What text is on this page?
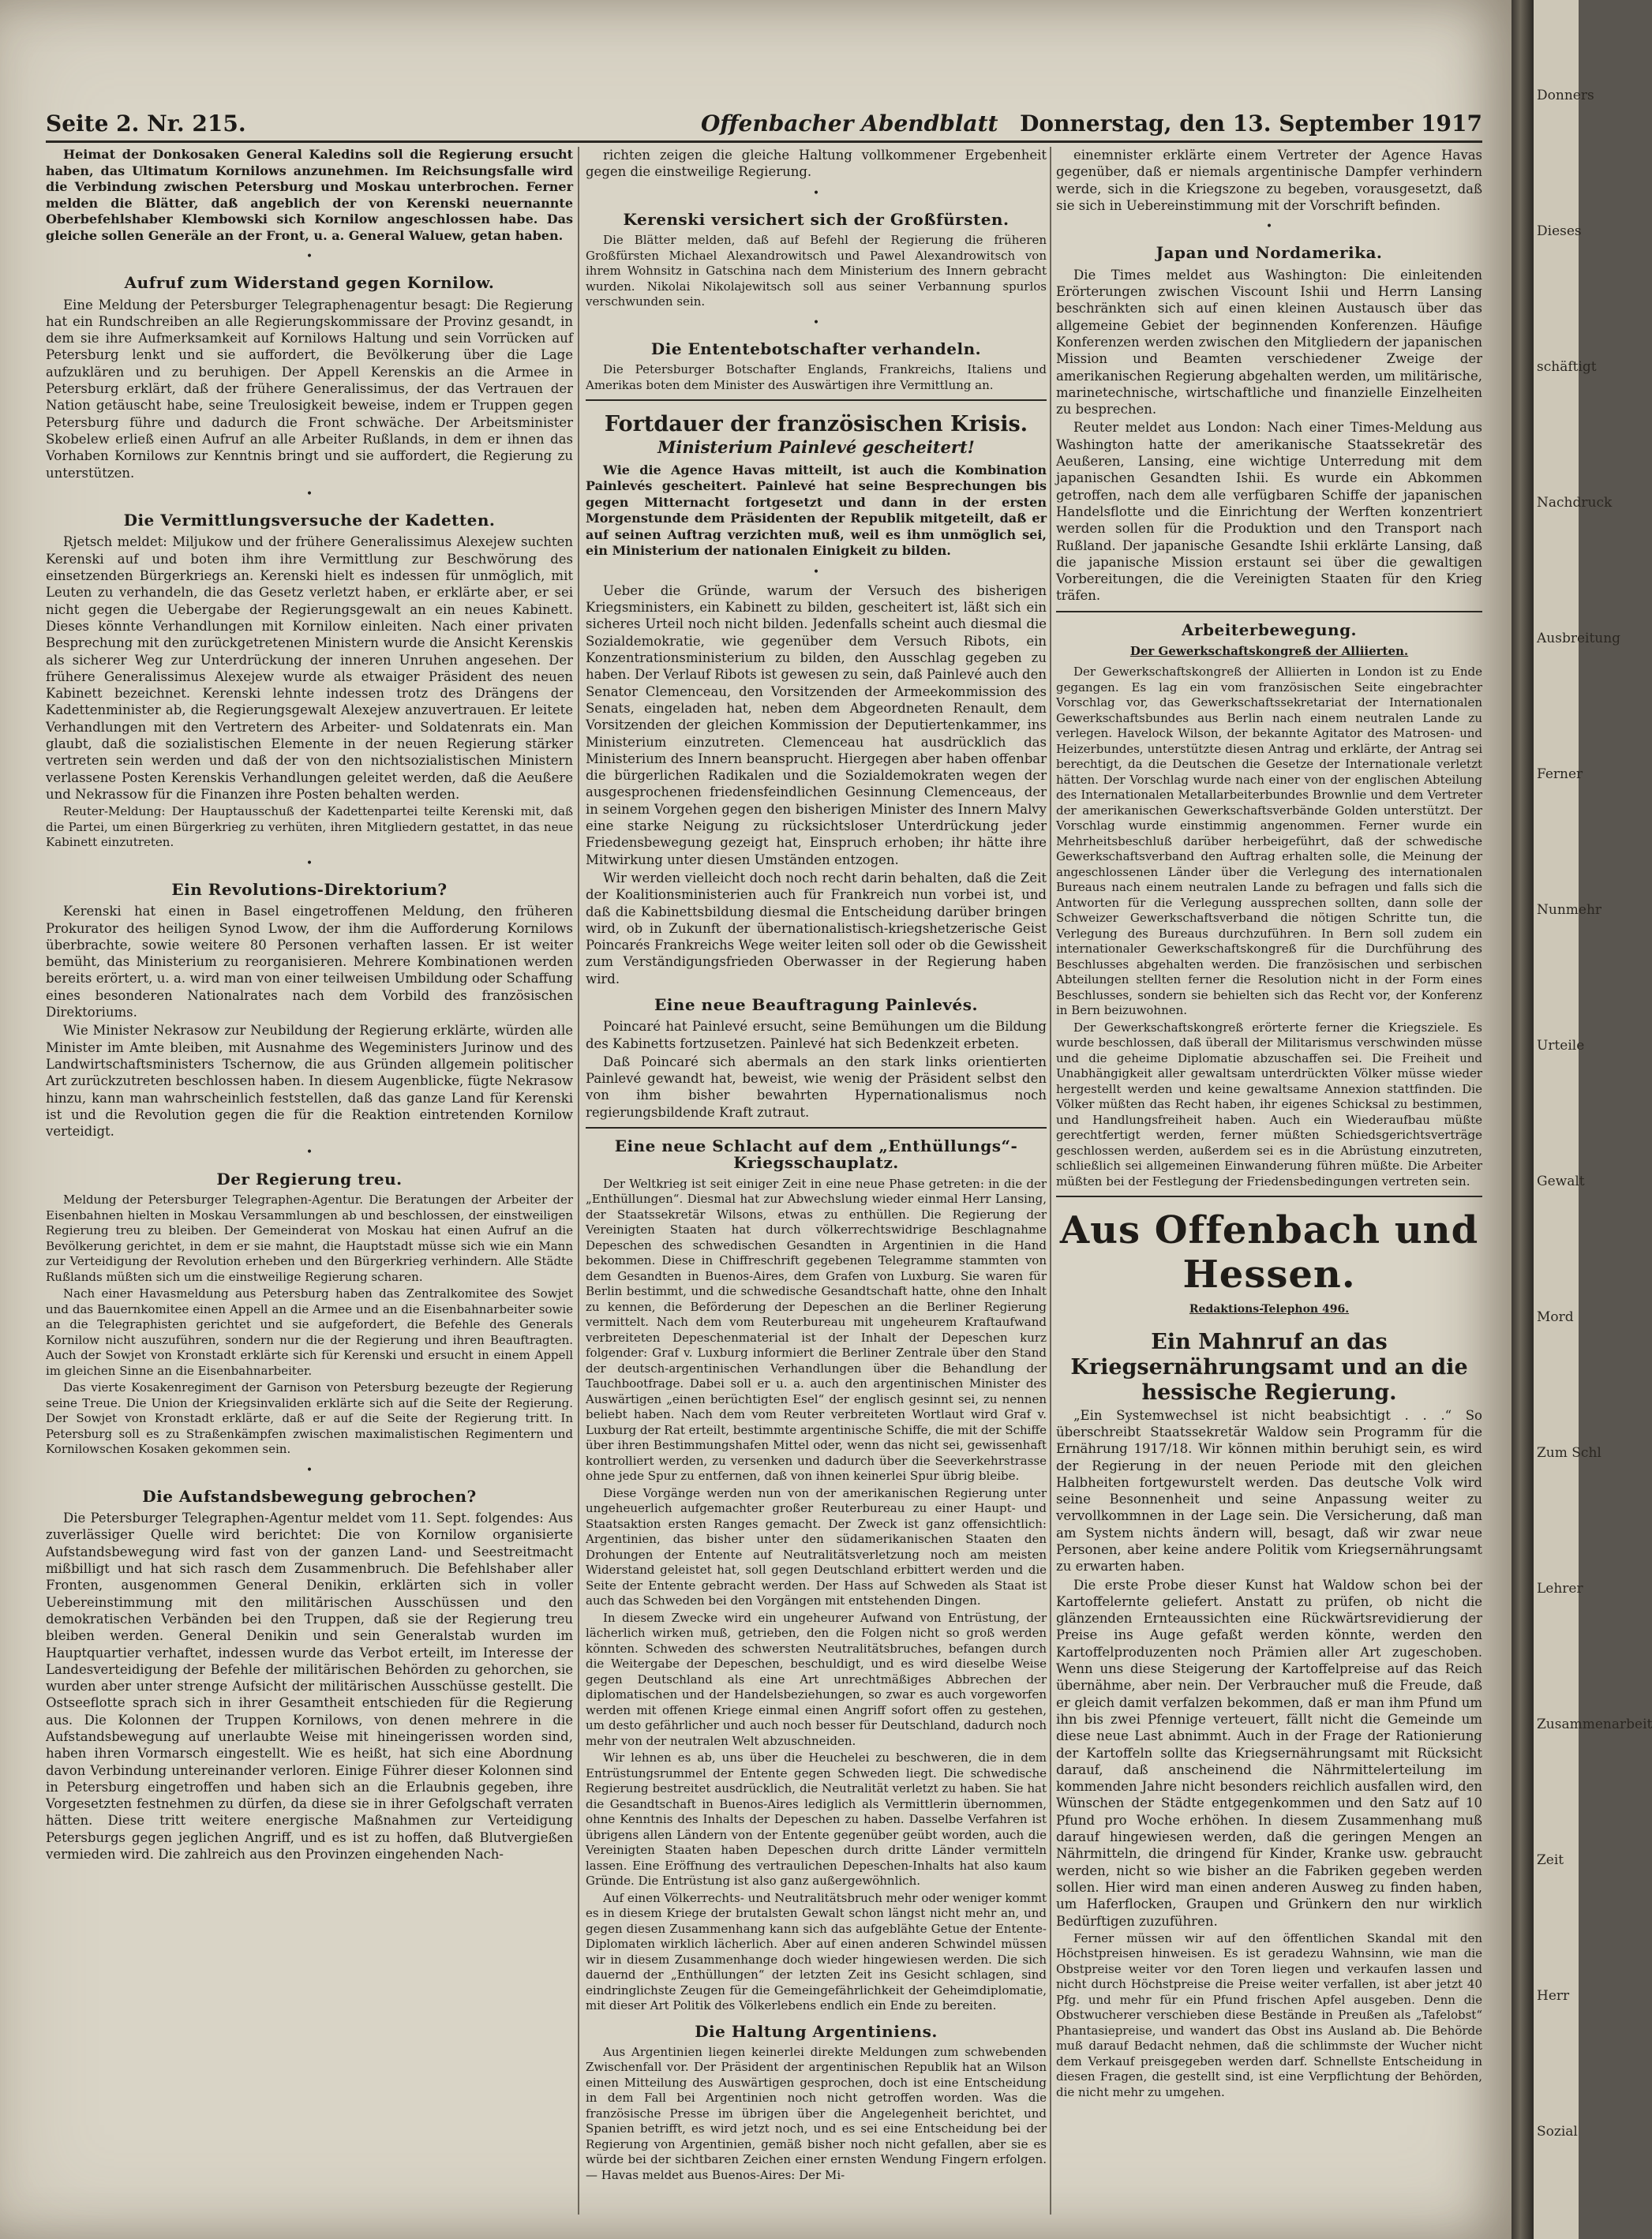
Seite 2. Nr. 215.	Offenbacher Abendblatt Donnerstag, den 13. September 1917

Heimat der Donkosaken General Kaledins soll die Regierung ersucht haben, das Ultimatum Kornilows anzunehmen. Im Reichsungsfalle wird die Verbindung zwischen Petersburg und Moskau unterbrochen. Ferner melden die Blätter, daß angeblich der von Kerenski neuernannte Oberbefehlshaber Klembowski sich Kornilow angeschlossen habe. Das gleiche sollen Generäle an der Front, u. a. General Waluew, getan haben.

•
Aufruf zum Widerstand gegen Kornilow.

Eine Meldung der Petersburger Telegraphenagentur besagt: Die Regierung hat ein Rundschreiben an alle Regierungskommissare der Provinz gesandt, in dem sie ihre Aufmerksamkeit auf Kornilows Haltung und sein Vorrücken auf Petersburg lenkt und sie auffordert, die Bevölkerung über die Lage aufzuklären und zu beruhigen. Der Appell Kerenskis an die Armee in Petersburg erklärt, daß der frühere Generalissimus, der das Vertrauen der Nation getäuscht habe, seine Treulosigkeit beweise, indem er Truppen gegen Petersburg führe und dadurch die Front schwäche. Der Arbeitsminister Skobelew erließ einen Aufruf an alle Arbeiter Rußlands, in dem er ihnen das Vorhaben Kornilows zur Kenntnis bringt und sie auffordert, die Regierung zu unterstützen.

•
Die Vermittlungsversuche der Kadetten.

Rjetsch meldet: Miljukow und der frühere Generalissimus Alexejew suchten Kerenski auf und boten ihm ihre Vermittlung zur Beschwörung des einsetzenden Bürgerkriegs an. Kerenski hielt es indessen für unmöglich, mit Leuten zu verhandeln, die das Gesetz verletzt haben, er erklärte aber, er sei nicht gegen die Uebergabe der Regierungsgewalt an ein neues Kabinett. Dieses könnte Verhandlungen mit Kornilow einleiten. Nach einer privaten Besprechung mit den zurückgetretenen Ministern wurde die Ansicht Kerenskis als sicherer Weg zur Unterdrückung der inneren Unruhen angesehen. Der frühere Generalissimus Alexejew wurde als etwaiger Präsident des neuen Kabinett bezeichnet. Kerenski lehnte indessen trotz des Drängens der Kadettenminister ab, die Regierungsgewalt Alexejew anzuvertrauen. Er leitete Verhandlungen mit den Vertretern des Arbeiter- und Soldatenrats ein. Man glaubt, daß die sozialistischen Elemente in der neuen Regierung stärker vertreten sein werden und daß der von den nichtsozialistischen Ministern verlassene Posten Kerenskis Verhandlungen geleitet werden, daß die Aeußere und Nekrassow für die Finanzen ihre Posten behalten werden.

Reuter-Meldung: Der Hauptausschuß der Kadettenpartei teilte Kerenski mit, daß die Partei, um einen Bürgerkrieg zu verhüten, ihren Mitgliedern gestattet, in das neue Kabinett einzutreten.

•
Ein Revolutions-Direktorium?

Kerenski hat einen in Basel eingetroffenen Meldung, den früheren Prokurator des heiligen Synod Lwow, der ihm die Aufforderung Kornilows überbrachte, sowie weitere 80 Personen verhaften lassen. Er ist weiter bemüht, das Ministerium zu reorganisieren. Mehrere Kombinationen werden bereits erörtert, u. a. wird man von einer teilweisen Umbildung oder Schaffung eines besonderen Nationalrates nach dem Vorbild des französischen Direktoriums.

Wie Minister Nekrasow zur Neubildung der Regierung erklärte, würden alle Minister im Amte bleiben, mit Ausnahme des Wegeministers Jurinow und des Landwirtschaftsministers Tschernow, die aus Gründen allgemein politischer Art zurückzutreten beschlossen haben. In diesem Augenblicke, fügte Nekrasow hinzu, kann man wahrscheinlich feststellen, daß das ganze Land für Kerenski ist und die Revolution gegen die für die Reaktion eintretenden Kornilow verteidigt.

•
Der Regierung treu.

Meldung der Petersburger Telegraphen-Agentur. Die Beratungen der Arbeiter der Eisenbahnen hielten in Moskau Versammlungen ab und beschlossen, der einstweiligen Regierung treu zu bleiben. Der Gemeinderat von Moskau hat einen Aufruf an die Bevölkerung gerichtet, in dem er sie mahnt, die Hauptstadt müsse sich wie ein Mann zur Verteidigung der Revolution erheben und den Bürgerkrieg verhindern. Alle Städte Rußlands müßten sich um die einstweilige Regierung scharen.

Nach einer Havasmeldung aus Petersburg haben das Zentralkomitee des Sowjet und das Bauernkomitee einen Appell an die Armee und an die Eisenbahnarbeiter sowie an die Telegraphisten gerichtet und sie aufgefordert, die Befehle des Generals Kornilow nicht auszuführen, sondern nur die der Regierung und ihren Beauftragten. Auch der Sowjet von Kronstadt erklärte sich für Kerenski und ersucht in einem Appell im gleichen Sinne an die Eisenbahnarbeiter.

Das vierte Kosakenregiment der Garnison von Petersburg bezeugte der Regierung seine Treue. Die Union der Kriegsinvaliden erklärte sich auf die Seite der Regierung. Der Sowjet von Kronstadt erklärte, daß er auf die Seite der Regierung tritt. In Petersburg soll es zu Straßenkämpfen zwischen maximalistischen Regimentern und Kornilowschen Kosaken gekommen sein.

•
Die Aufstandsbewegung gebrochen?

Die Petersburger Telegraphen-Agentur meldet vom 11. Sept. folgendes: Aus zuverlässiger Quelle wird berichtet: Die von Kornilow organisierte Aufstandsbewegung wird fast von der ganzen Land- und Seestreitmacht mißbilligt und hat sich rasch dem Zusammenbruch. Die Befehlshaber aller Fronten, ausgenommen General Denikin, erklärten sich in voller Uebereinstimmung mit den militärischen Ausschüssen und den demokratischen Verbänden bei den Truppen, daß sie der Regierung treu bleiben werden. General Denikin und sein Generalstab wurden im Hauptquartier verhaftet, indessen wurde das Verbot erteilt, im Interesse der Landesverteidigung der Befehle der militärischen Behörden zu gehorchen, sie wurden aber unter strenge Aufsicht der militärischen Ausschüsse gestellt. Die Ostseeflotte sprach sich in ihrer Gesamtheit entschieden für die Regierung aus. Die Kolonnen der Truppen Kornilows, von denen mehrere in die Aufstandsbewegung auf unerlaubte Weise mit hineingerissen worden sind, haben ihren Vormarsch eingestellt. Wie es heißt, hat sich eine Abordnung davon Verbindung untereinander verloren. Einige Führer dieser Kolonnen sind in Petersburg eingetroffen und haben sich an die Erlaubnis gegeben, ihre Vorgesetzten festnehmen zu dürfen, da diese sie in ihrer Gefolgschaft verraten hätten. Diese tritt weitere energische Maßnahmen zur Verteidigung Petersburgs gegen jeglichen Angriff, und es ist zu hoffen, daß Blutvergießen vermieden wird. Die zahlreich aus den Provinzen eingehenden Nach-

richten zeigen die gleiche Haltung vollkommener Ergebenheit gegen die einstweilige Regierung.

•
Kerenski versichert sich der Großfürsten.

Die Blätter melden, daß auf Befehl der Regierung die früheren Großfürsten Michael Alexandrowitsch und Pawel Alexandrowitsch von ihrem Wohnsitz in Gatschina nach dem Ministerium des Innern gebracht wurden. Nikolai Nikolajewitsch soll aus seiner Verbannung spurlos verschwunden sein.

•
Die Ententebotschafter verhandeln.

Die Petersburger Botschafter Englands, Frankreichs, Italiens und Amerikas boten dem Minister des Auswärtigen ihre Vermittlung an.

Fortdauer der französischen Krisis.
Ministerium Painlevé gescheitert!

Wie die Agence Havas mitteilt, ist auch die Kombination Painlevés gescheitert. Painlevé hat seine Besprechungen bis gegen Mitternacht fortgesetzt und dann in der ersten Morgenstunde dem Präsidenten der Republik mitgeteilt, daß er auf seinen Auftrag verzichten muß, weil es ihm unmöglich sei, ein Ministerium der nationalen Einigkeit zu bilden.

•

Ueber die Gründe, warum der Versuch des bisherigen Kriegsministers, ein Kabinett zu bilden, gescheitert ist, läßt sich ein sicheres Urteil noch nicht bilden. Jedenfalls scheint auch diesmal die Sozialdemokratie, wie gegenüber dem Versuch Ribots, ein Konzentrationsministerium zu bilden, den Ausschlag gegeben zu haben. Der Verlauf Ribots ist gewesen zu sein, daß Painlevé auch den Senator Clemenceau, den Vorsitzenden der Armeekommission des Senats, eingeladen hat, neben dem Abgeordneten Renault, dem Vorsitzenden der gleichen Kommission der Deputiertenkammer, ins Ministerium einzutreten. Clemenceau hat ausdrücklich das Ministerium des Innern beansprucht. Hiergegen aber haben offenbar die bürgerlichen Radikalen und die Sozialdemokraten wegen der ausgesprochenen friedensfeindlichen Gesinnung Clemenceaus, der in seinem Vorgehen gegen den bisherigen Minister des Innern Malvy eine starke Neigung zu rücksichtsloser Unterdrückung jeder Friedensbewegung gezeigt hat, Einspruch erhoben; ihr hätte ihre Mitwirkung unter diesen Umständen entzogen.

Wir werden vielleicht doch noch recht darin behalten, daß die Zeit der Koalitionsministerien auch für Frankreich nun vorbei ist, und daß die Kabinettsbildung diesmal die Entscheidung darüber bringen wird, ob in Zukunft der übernationalistisch-kriegshetzerische Geist Poincarés Frankreichs Wege weiter leiten soll oder ob die Gewissheit zum Verständigungsfrieden Oberwasser in der Regierung haben wird.

Eine neue Beauftragung Painlevés.

Poincaré hat Painlevé ersucht, seine Bemühungen um die Bildung des Kabinetts fortzusetzen. Painlevé hat sich Bedenkzeit erbeten.

Daß Poincaré sich abermals an den stark links orientierten Painlevé gewandt hat, beweist, wie wenig der Präsident selbst den von ihm bisher bewahrten Hypernationalismus noch regierungsbildende Kraft zutraut.

Eine neue Schlacht auf dem „Enthüllungs“-Kriegsschauplatz.

Der Weltkrieg ist seit einiger Zeit in eine neue Phase getreten: in die der „Enthüllungen“. Diesmal hat zur Abwechslung wieder einmal Herr Lansing, der Staatssekretär Wilsons, etwas zu enthüllen. Die Regierung der Vereinigten Staaten hat durch völkerrechtswidrige Beschlagnahme Depeschen des schwedischen Gesandten in Argentinien in die Hand bekommen. Diese in Chiffreschrift gegebenen Telegramme stammten von dem Gesandten in Buenos-Aires, dem Grafen von Luxburg. Sie waren für Berlin bestimmt, und die schwedische Gesandtschaft hatte, ohne den Inhalt zu kennen, die Beförderung der Depeschen an die Berliner Regierung vermittelt. Nach dem vom Reuterbureau mit ungeheurem Kraftaufwand verbreiteten Depeschenmaterial ist der Inhalt der Depeschen kurz folgender: Graf v. Luxburg informiert die Berliner Zentrale über den Stand der deutsch-argentinischen Verhandlungen über die Behandlung der Tauchbootfrage. Dabei soll er u. a. auch den argentinischen Minister des Auswärtigen „einen berüchtigten Esel“ der englisch gesinnt sei, zu nennen beliebt haben. Nach dem vom Reuter verbreiteten Wortlaut wird Graf v. Luxburg der Rat erteilt, bestimmte argentinische Schiffe, die mit der Schiffe über ihren Bestimmungshafen Mittel oder, wenn das nicht sei, gewissenhaft kontrolliert werden, zu versenken und dadurch über die Seeverkehrstrasse ohne jede Spur zu entfernen, daß von ihnen keinerlei Spur übrig bleibe.

Diese Vorgänge werden nun von der amerikanischen Regierung unter ungeheuerlich aufgemachter großer Reuterbureau zu einer Haupt- und Staatsaktion ersten Ranges gemacht. Der Zweck ist ganz offensichtlich: Argentinien, das bisher unter den südamerikanischen Staaten den Drohungen der Entente auf Neutralitätsverletzung noch am meisten Widerstand geleistet hat, soll gegen Deutschland erbittert werden und die Seite der Entente gebracht werden. Der Hass auf Schweden als Staat ist auch das Schweden bei den Vorgängen mit entstehenden Dingen.

In diesem Zwecke wird ein ungeheurer Aufwand von Entrüstung, der lächerlich wirken muß, getrieben, den die Folgen nicht so groß werden könnten. Schweden des schwersten Neutralitätsbruches, befangen durch die Weitergabe der Depeschen, beschuldigt, und es wird dieselbe Weise gegen Deutschland als eine Art unrechtmäßiges Abbrechen der diplomatischen und der Handelsbeziehungen, so zwar es auch vorgeworfen werden mit offenen Kriege einmal einen Angriff sofort offen zu gestehen, um desto gefährlicher und auch noch besser für Deutschland, dadurch noch mehr von der neutralen Welt abzuschneiden.

Wir lehnen es ab, uns über die Heuchelei zu beschweren, die in dem Entrüstungsrummel der Entente gegen Schweden liegt. Die schwedische Regierung bestreitet ausdrücklich, die Neutralität verletzt zu haben. Sie hat die Gesandtschaft in Buenos-Aires lediglich als Vermittlerin übernommen, ohne Kenntnis des Inhalts der Depeschen zu haben. Dasselbe Verfahren ist übrigens allen Ländern von der Entente gegenüber geübt worden, auch die Vereinigten Staaten haben Depeschen durch dritte Länder vermitteln lassen. Eine Eröffnung des vertraulichen Depeschen-Inhalts hat also kaum Gründe. Die Entrüstung ist also ganz außergewöhnlich.

Auf einen Völkerrechts- und Neutralitätsbruch mehr oder weniger kommt es in diesem Kriege der brutalsten Gewalt schon längst nicht mehr an, und gegen diesen Zusammenhang kann sich das aufgeblähte Getue der Entente-Diplomaten wirklich lächerlich. Aber auf einen anderen Schwindel müssen wir in diesem Zusammenhange doch wieder hingewiesen werden. Die sich dauernd der „Enthüllungen“ der letzten Zeit ins Gesicht schlagen, sind eindringlichste Zeugen für die Gemeingefährlichkeit der Geheimdiplomatie, mit dieser Art Politik des Völkerlebens endlich ein Ende zu bereiten.

Die Haltung Argentiniens.

Aus Argentinien liegen keinerlei direkte Meldungen zum schwebenden Zwischenfall vor. Der Präsident der argentinischen Republik hat an Wilson einen Mitteilung des Auswärtigen gesprochen, doch ist eine Entscheidung in dem Fall bei Argentinien noch nicht getroffen worden. Was die französische Presse im übrigen über die Angelegenheit berichtet, und Spanien betrifft, es wird jetzt noch, und es sei eine Entscheidung bei der Regierung von Argentinien, gemäß bisher noch nicht gefallen, aber sie es würde bei der sichtbaren Zeichen einer ernsten Wendung Fingern erfolgen. — Havas meldet aus Buenos-Aires: Der Mi-

einemnister erklärte einem Vertreter der Agence Havas gegenüber, daß er niemals argentinische Dampfer verhindern werde, sich in die Kriegszone zu begeben, vorausgesetzt, daß sie sich in Uebereinstimmung mit der Vorschrift befinden.

•
Japan und Nordamerika.

Die Times meldet aus Washington: Die einleitenden Erörterungen zwischen Viscount Ishii und Herrn Lansing beschränkten sich auf einen kleinen Austausch über das allgemeine Gebiet der beginnenden Konferenzen. Häufige Konferenzen werden zwischen den Mitgliedern der japanischen Mission und Beamten verschiedener Zweige der amerikanischen Regierung abgehalten werden, um militärische, marinetechnische, wirtschaftliche und finanzielle Einzelheiten zu besprechen.

Reuter meldet aus London: Nach einer Times-Meldung aus Washington hatte der amerikanische Staatssekretär des Aeußeren, Lansing, eine wichtige Unterredung mit dem japanischen Gesandten Ishii. Es wurde ein Abkommen getroffen, nach dem alle verfügbaren Schiffe der japanischen Handelsflotte und die Einrichtung der Werften konzentriert werden sollen für die Produktion und den Transport nach Rußland. Der japanische Gesandte Ishii erklärte Lansing, daß die japanische Mission erstaunt sei über die gewaltigen Vorbereitungen, die die Vereinigten Staaten für den Krieg träfen.

Arbeiterbewegung.
Der Gewerkschaftskongreß der Alliierten.

Der Gewerkschaftskongreß der Alliierten in London ist zu Ende gegangen. Es lag ein vom französischen Seite eingebrachter Vorschlag vor, das Gewerkschaftssekretariat der Internationalen Gewerkschaftsbundes aus Berlin nach einem neutralen Lande zu verlegen. Havelock Wilson, der bekannte Agitator des Matrosen- und Heizerbundes, unterstützte diesen Antrag und erklärte, der Antrag sei berechtigt, da die Deutschen die Gesetze der Internationale verletzt hätten. Der Vorschlag wurde nach einer von der englischen Abteilung des Internationalen Metallarbeiterbundes Brownlie und dem Vertreter der amerikanischen Gewerkschaftsverbände Golden unterstützt. Der Vorschlag wurde einstimmig angenommen. Ferner wurde ein Mehrheitsbeschluß darüber herbeigeführt, daß der schwedische Gewerkschaftsverband den Auftrag erhalten solle, die Meinung der angeschlossenen Länder über die Verlegung des internationalen Bureaus nach einem neutralen Lande zu befragen und falls sich die Antworten für die Verlegung aussprechen sollten, dann solle der Schweizer Gewerkschaftsverband die nötigen Schritte tun, die Verlegung des Bureaus durchzuführen. In Bern soll zudem ein internationaler Gewerkschaftskongreß für die Durchführung des Beschlusses abgehalten werden. Die französischen und serbischen Abteilungen stellten ferner die Resolution nicht in der Form eines Beschlusses, sondern sie behielten sich das Recht vor, der Konferenz in Bern beizuwohnen.

Der Gewerkschaftskongreß erörterte ferner die Kriegsziele. Es wurde beschlossen, daß überall der Militarismus verschwinden müsse und die geheime Diplomatie abzuschaffen sei. Die Freiheit und Unabhängigkeit aller gewaltsam unterdrückten Völker müsse wieder hergestellt werden und keine gewaltsame Annexion stattfinden. Die Völker müßten das Recht haben, ihr eigenes Schicksal zu bestimmen, und Handlungsfreiheit haben. Auch ein Wiederaufbau müßte gerechtfertigt werden, ferner müßten Schiedsgerichtsverträge geschlossen werden, außerdem sei es in die Abrüstung einzutreten, schließlich sei allgemeinen Einwanderung führen müßte. Die Arbeiter müßten bei der Festlegung der Friedensbedingungen vertreten sein.

Aus Offenbach und Hessen.
Redaktions-Telephon 496.
Ein Mahnruf an das Kriegsernährungsamt und an die hessische Regierung.

„Ein Systemwechsel ist nicht beabsichtigt . . .“ So überschreibt Staatssekretär Waldow sein Programm für die Ernährung 1917/18. Wir können mithin beruhigt sein, es wird der Regierung in der neuen Periode mit den gleichen Halbheiten fortgewurstelt werden. Das deutsche Volk wird seine Besonnenheit und seine Anpassung weiter zu vervollkommnen in der Lage sein. Die Versicherung, daß man am System nichts ändern will, besagt, daß wir zwar neue Personen, aber keine andere Politik vom Kriegsernährungsamt zu erwarten haben.

Die erste Probe dieser Kunst hat Waldow schon bei der Kartoffelernte geliefert. Anstatt zu prüfen, ob nicht die glänzenden Ernteaussichten eine Rückwärtsrevidierung der Preise ins Auge gefaßt werden könnte, werden den Kartoffelproduzenten noch Prämien aller Art zugeschoben. Wenn uns diese Steigerung der Kartoffelpreise auf das Reich übernähme, aber nein. Der Verbraucher muß die Freude, daß er gleich damit verfalzen bekommen, daß er man ihm Pfund um ihn bis zwei Pfennige verteuert, fällt nicht die Gemeinde um diese neue Last abnimmt. Auch in der Frage der Rationierung der Kartoffeln sollte das Kriegsernährungsamt mit Rücksicht darauf, daß anscheinend die Nährmittelerteilung im kommenden Jahre nicht besonders reichlich ausfallen wird, den Wünschen der Städte entgegenkommen und den Satz auf 10 Pfund pro Woche erhöhen. In diesem Zusammenhang muß darauf hingewiesen werden, daß die geringen Mengen an Nährmitteln, die dringend für Kinder, Kranke usw. gebraucht werden, nicht so wie bisher an die Fabriken gegeben werden sollen. Hier wird man einen anderen Ausweg zu finden haben, um Haferflocken, Graupen und Grünkern den nur wirklich Bedürftigen zuzuführen.

Ferner müssen wir auf den öffentlichen Skandal mit den Höchstpreisen hinweisen. Es ist geradezu Wahnsinn, wie man die Obstpreise weiter vor den Toren liegen und verkaufen lassen und nicht durch Höchstpreise die Preise weiter verfallen, ist aber jetzt 40 Pfg. und mehr für ein Pfund frischen Apfel ausgeben. Denn die Obstwucherer verschieben diese Bestände in Preußen als „Tafelobst“ Phantasiepreise, und wandert das Obst ins Ausland ab. Die Behörde muß darauf Bedacht nehmen, daß die schlimmste der Wucher nicht dem Verkauf preisgegeben werden darf. Schnellste Entscheidung in diesen Fragen, die gestellt sind, ist eine Verpflichtung der Behörden, die nicht mehr zu umgehen.

Donners
Dieses
schäftigt
Nachdruck
Ausbreitung
Ferner
Nunmehr
Urteile
Gewalt
Mord
Zum Schl
Lehrer
Zusammenarbeit
Zeit
Herr
Sozial
